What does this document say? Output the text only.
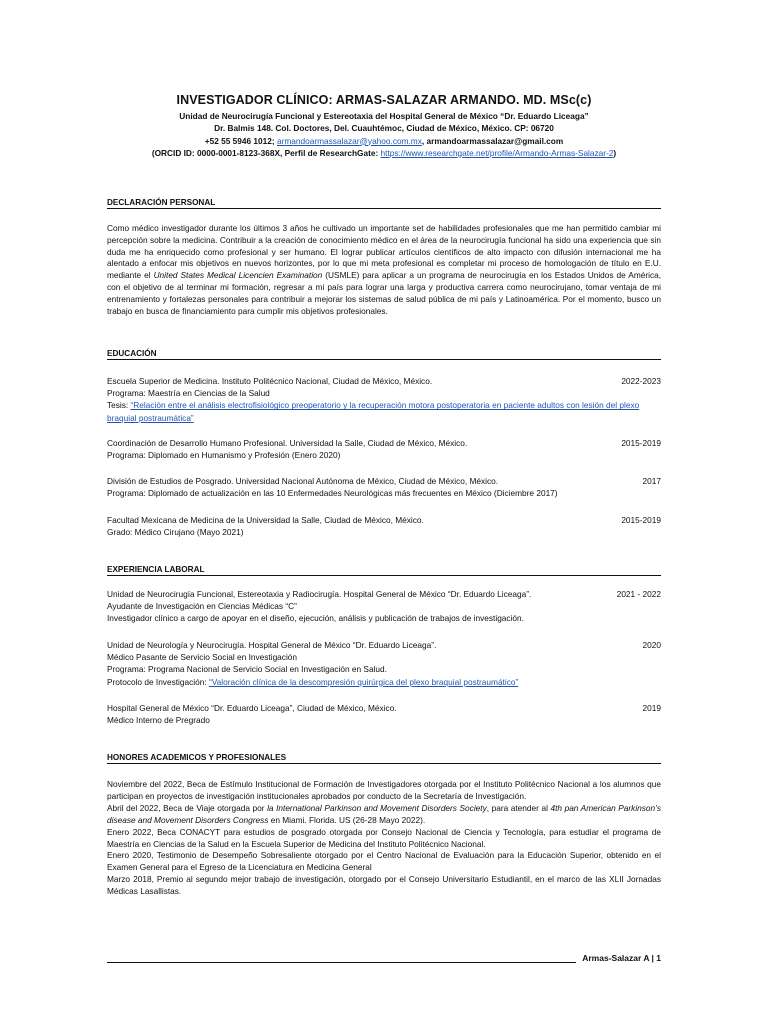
INVESTIGADOR CLÍNICO: ARMAS-SALAZAR ARMANDO. MD. MSc(c)

Unidad de Neurocirugía Funcional y Estereotaxia del Hospital General de México “Dr. Eduardo Liceaga”

Dr. Balmis 148. Col. Doctores, Del. Cuauhtémoc, Ciudad de México, México. CP: 06720

+52 55 5946 1012; armandoarmassalazar@yahoo.com.mx, armandoarmassalazar@gmail.com

(ORCID ID: 0000-0001-8123-368X, Perfil de ResearchGate: https://www.researchgate.net/profile/Armando-Armas-Salazar-2)

DECLARACIÓN PERSONAL

Como médico investigador durante los últimos 3 años he cultivado un importante set de habilidades profesionales que me han permitido cambiar mi percepción sobre la medicina. Contribuir a la creación de conocimiento médico en el área de la neurocirugía funcional ha sido una experiencia que sin duda me ha enriquecido como profesional y ser humano. El lograr publicar artículos científicos de alto impacto con difusión internacional me ha alentado a enfocar mis objetivos en nuevos horizontes, por lo que mi meta profesional es completar mi proceso de homologación de título en E.U. mediante el United States Medical Licencien Examination (USMLE) para aplicar a un programa de neurocirugía en los Estados Unidos de América, con el objetivo de al terminar mi formación, regresar a mi país para lograr una larga y productiva carrera como neurocirujano, tomar ventaja de mi entrenamiento y fortalezas personales para contribuir a mejorar los sistemas de salud pública de mi país y Latinoamérica. Por el momento, busco un trabajo en busca de financiamiento para cumplir mis objetivos profesionales.

EDUCACIÓN
Escuela Superior de Medicina. Instituto Politécnico Nacional, Ciudad de México, México.	2022-2023

Programa: Maestría en Ciencias de la Salud

Tesis: “Relación entre el análisis electrofisiológico preoperatorio y la recuperación motora postoperatoria en paciente adultos con lesión del plexo braquial postraumática”

Coordinación de Desarrollo Humano Profesional. Universidad la Salle, Ciudad de México, México.	2015-2019

Programa: Diplomado en Humanismo y Profesión (Enero 2020)

División de Estudios de Posgrado. Universidad Nacional Autónoma de México, Ciudad de México, México.	2017

Programa: Diplomado de actualización en las 10 Enfermedades Neurológicas más frecuentes en México (Diciembre 2017)

Facultad Mexicana de Medicina de la Universidad la Salle, Ciudad de México, México.	2015-2019

Grado: Médico Cirujano (Mayo 2021)

EXPERIENCIA LABORAL
Unidad de Neurocirugía Funcional, Estereotaxia y Radiocirugía. Hospital General de México “Dr. Eduardo Liceaga”.	2021 - 2022

Ayudante de Investigación en Ciencias Médicas “C”

Investigador clínico a cargo de apoyar en el diseño, ejecución, análisis y publicación de trabajos de investigación.

Unidad de Neurología y Neurocirugía. Hospital General de México “Dr. Eduardo Liceaga”.	2020

Médico Pasante de Servicio Social en Investigación

Programa: Programa Nacional de Servicio Social en Investigación en Salud.

Protocolo de Investigación: “Valoración clínica de la descompresión quirúrgica del plexo braquial postraumático”

Hospital General de México “Dr. Eduardo Liceaga”, Ciudad de México, México.	2019

Médico Interno de Pregrado

HONORES ACADEMICOS Y PROFESIONALES
Noviembre del 2022, Beca de Estímulo Institucional de Formación de Investigadores otorgada por el Instituto Politécnico Nacional a los alumnos que participan en proyectos de investigación institucionales aprobados por conducto de la Secretaría de Investigación.
Abril del 2022, Beca de Viaje otorgada por la International Parkinson and Movement Disorders Society, para atender al 4th pan American Parkinson’s disease and Movement Disorders Congress en Miami. Florida. US (26-28 Mayo 2022).
Enero 2022, Beca CONACYT para estudios de posgrado otorgada por Consejo Nacional de Ciencia y Tecnología, para estudiar el programa de Maestría en Ciencias de la Salud en la Escuela Superior de Medicina del Instituto Politécnico Nacional.
Enero 2020, Testimonio de Desempeño Sobresaliente otorgado por el Centro Nacional de Evaluación para la Educación Superior, obtenido en el Examen General para el Egreso de la Licenciatura en Medicina General
Marzo 2018, Premio al segundo mejor trabajo de investigación, otorgado por el Consejo Universitario Estudiantil, en el marco de las XLII Jornadas Médicas Lasallistas.
Armas-Salazar A | 1
